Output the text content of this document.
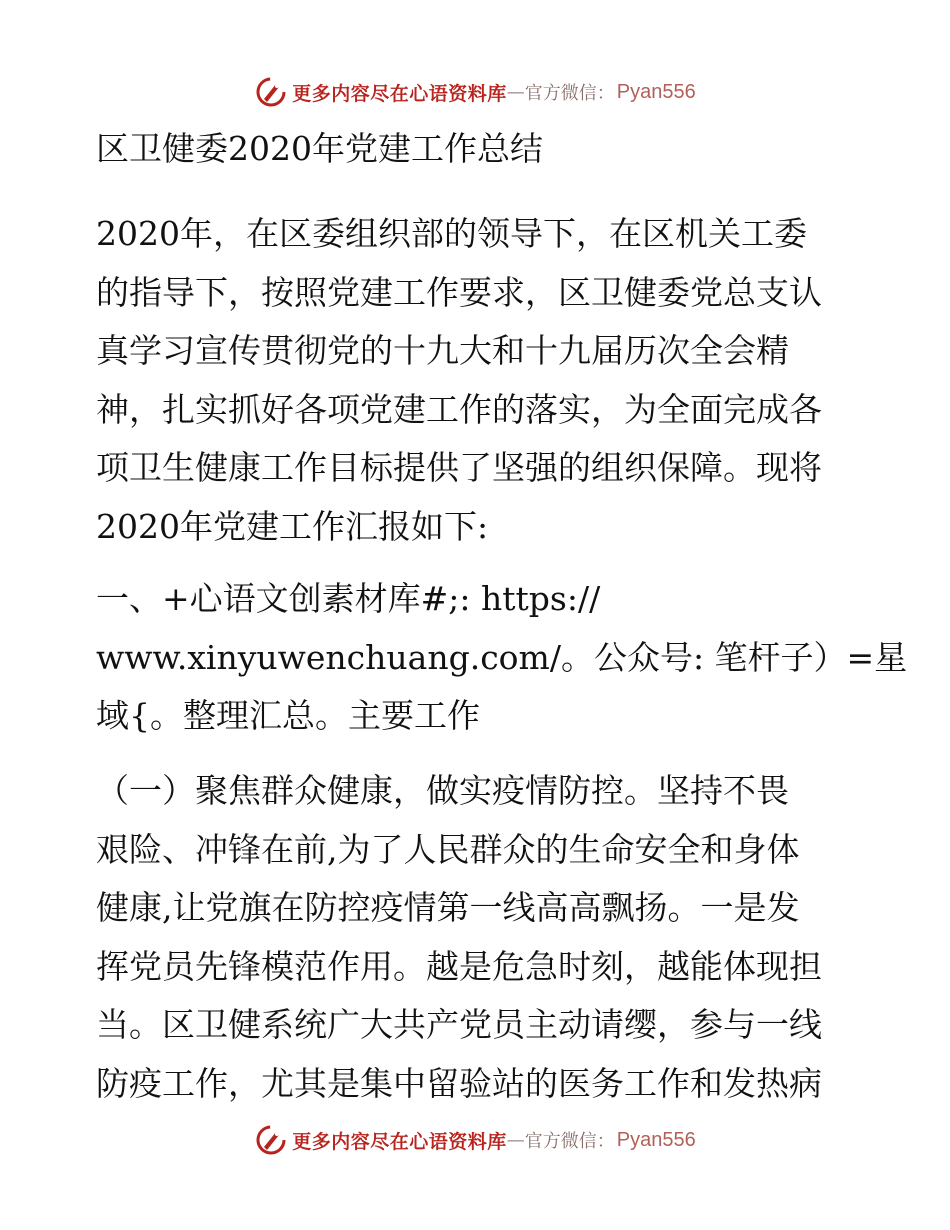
更多内容尽在心语资料库 — 官方微信： Pyan556
区卫健委2020年党建工作总结
2020年，在区委组织部的领导下，在区机关工委
的指导下，按照党建工作要求，区卫健委党总支认
真学习宣传贯彻党的十九大和十九届历次全会精
神，扎实抓好各项党建工作的落实，为全面完成各
项卫生健康工作目标提供了坚强的组织保障。现将
2020年党建工作汇报如下:
一、+心语文创素材库#;: https://
www.xinyuwenchuang.com/。公众号: 笔杆子）=星
域{。整理汇总。主要工作
（一）聚焦群众健康，做实疫情防控。坚持不畏
艰险、冲锋在前,为了人民群众的生命安全和身体
健康,让党旗在防控疫情第一线高高飘扬。一是发
挥党员先锋模范作用。越是危急时刻，越能体现担
当。区卫健系统广大共产党员主动请缨，参与一线
防疫工作，尤其是集中留验站的医务工作和发热病
更多内容尽在心语资料库 — 官方微信： Pyan556
